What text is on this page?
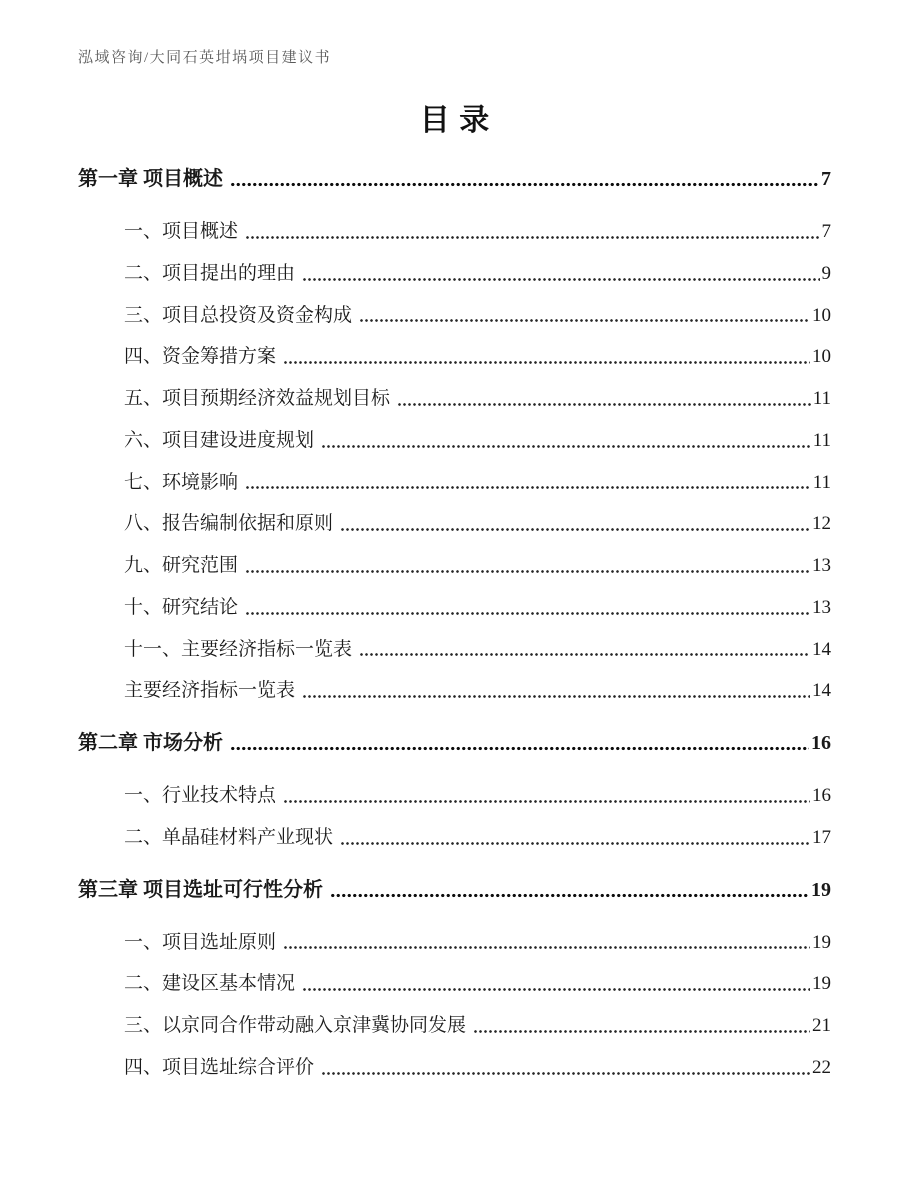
泓域咨询/大同石英坩埚项目建议书
目录
第一章 项目概述	7
一、项目概述	7
二、项目提出的理由	9
三、项目总投资及资金构成	10
四、资金筹措方案	10
五、项目预期经济效益规划目标	11
六、项目建设进度规划	11
七、环境影响	11
八、报告编制依据和原则	12
九、研究范围	13
十、研究结论	13
十一、主要经济指标一览表	14
主要经济指标一览表	14
第二章 市场分析	16
一、行业技术特点	16
二、单晶硅材料产业现状	17
第三章 项目选址可行性分析	19
一、项目选址原则	19
二、建设区基本情况	19
三、以京同合作带动融入京津冀协同发展	21
四、项目选址综合评价	22
